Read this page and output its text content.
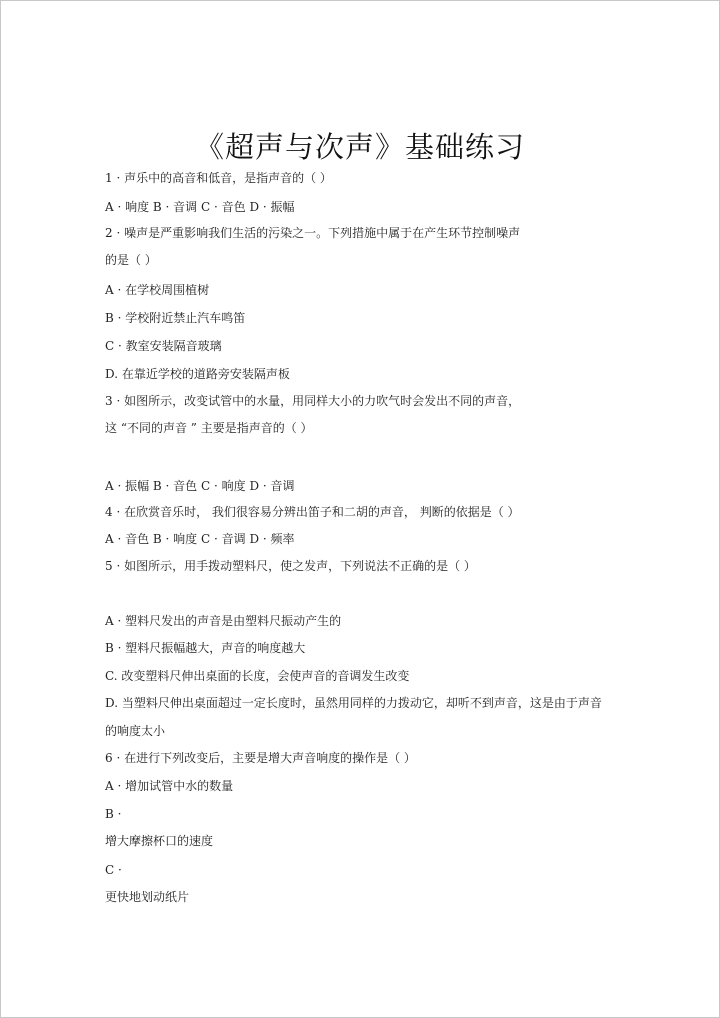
《超声与次声》基础练习
1 · 声乐中的高音和低音，是指声音的（ ）
A · 响度 B · 音调 C · 音色 D · 振幅
2 · 噪声是严重影响我们生活的污染之一。下列措施中属于在产生环节控制噪声
的是（ ）
A · 在学校周围植树
B · 学校附近禁止汽车鸣笛
C · 教室安装隔音玻璃
D. 在靠近学校的道路旁安装隔声板
3 · 如图所示，改变试管中的水量，用同样大小的力吹气时会发出不同的声音，
这 “不同的声音 ” 主要是指声音的（ ）
A · 振幅 B · 音色 C · 响度 D · 音调
4 · 在欣赏音乐时， 我们很容易分辨出笛子和二胡的声音， 判断的依据是（ ）
A · 音色 B · 响度 C · 音调 D · 频率
5 · 如图所示，用手拨动塑料尺，使之发声，下列说法不正确的是（ ）
A · 塑料尺发出的声音是由塑料尺振动产生的
B · 塑料尺振幅越大，声音的响度越大
C. 改变塑料尺伸出桌面的长度，会使声音的音调发生改变
D. 当塑料尺伸出桌面超过一定长度时，虽然用同样的力拨动它，却听不到声音，这是由于声音
的响度太小
6 · 在进行下列改变后，主要是增大声音响度的操作是（ ）
A · 增加试管中水的数量
B ·
增大摩擦杯口的速度
C ·
更快地划动纸片
